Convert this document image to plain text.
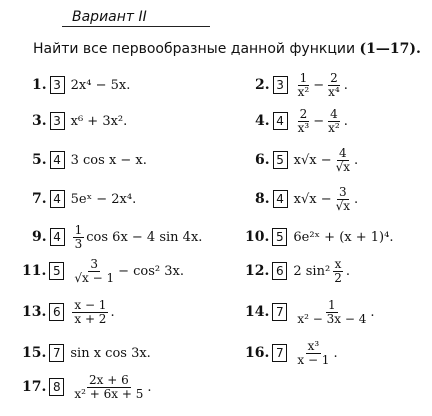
Вариант II
Найти все первообразные данной функции (1—17).
1. 3 2x⁴ − 5x.
3. 3 x⁶ + 3x².
5. 4 3 cos x − x.
7. 4 5eˣ − 2x⁴.
9. $4 \frac{1}{3}$ cos 6x − 4 sin 4x.
11. $5 \frac{3}{√x - 1} - \cos^2$ 3x.
13. $6 \frac{x - 1}{x + 2}$ .
15. 7 sin x cos 3x.
17. $8 \frac{2x + 6}{\text{x² + 6x + 5}}$ .
2. $3 \frac{1}{\text{x²}} - \frac{2}{\text{x⁴}}$ .
4. $4 \frac{2}{\text{x³}} - \frac{4}{\text{x²}}$ .
6. 5 $x√x - \frac{4}{√x}$ .
8. 4 $x√x - \frac{3}{√x}$ .
10. 5 6e²ˣ + (x + 1)⁴.
12. 6 2 $\sin^2 \frac{x}{2}$ .
14. $7 \frac{1}{\text{x² − 3x − 4}}$ .
16. $7 \frac{\text{x³}}{x - 1}$ .
